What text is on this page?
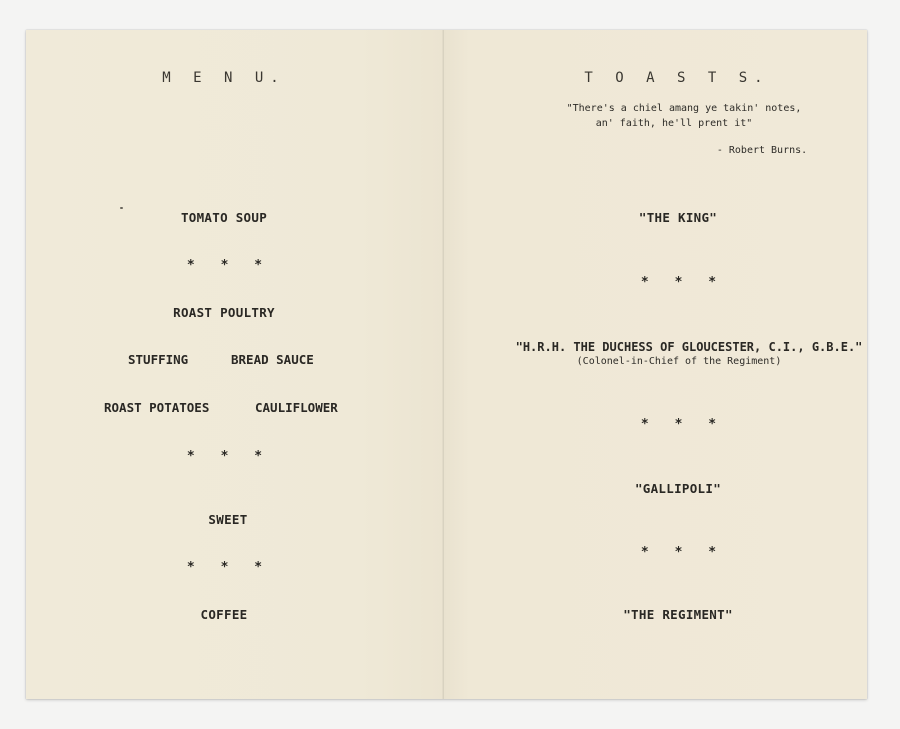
M E N U.
TOMATO SOUP
* * *
ROAST POULTRY
STUFFING	BREAD SAUCE
ROAST POTATOES	CAULIFLOWER
* * *
SWEET
* * *
COFFEE
T O A S T S.
"There's a chiel amang ye takin' notes,
an' faith, he'll prent it"
- Robert Burns.
"THE KING"
* * *
"H.R.H. THE DUCHESS OF GLOUCESTER, C.I., G.B.E."
(Colonel-in-Chief of the Regiment)
* * *
"GALLIPOLI"
* * *
"THE REGIMENT"
